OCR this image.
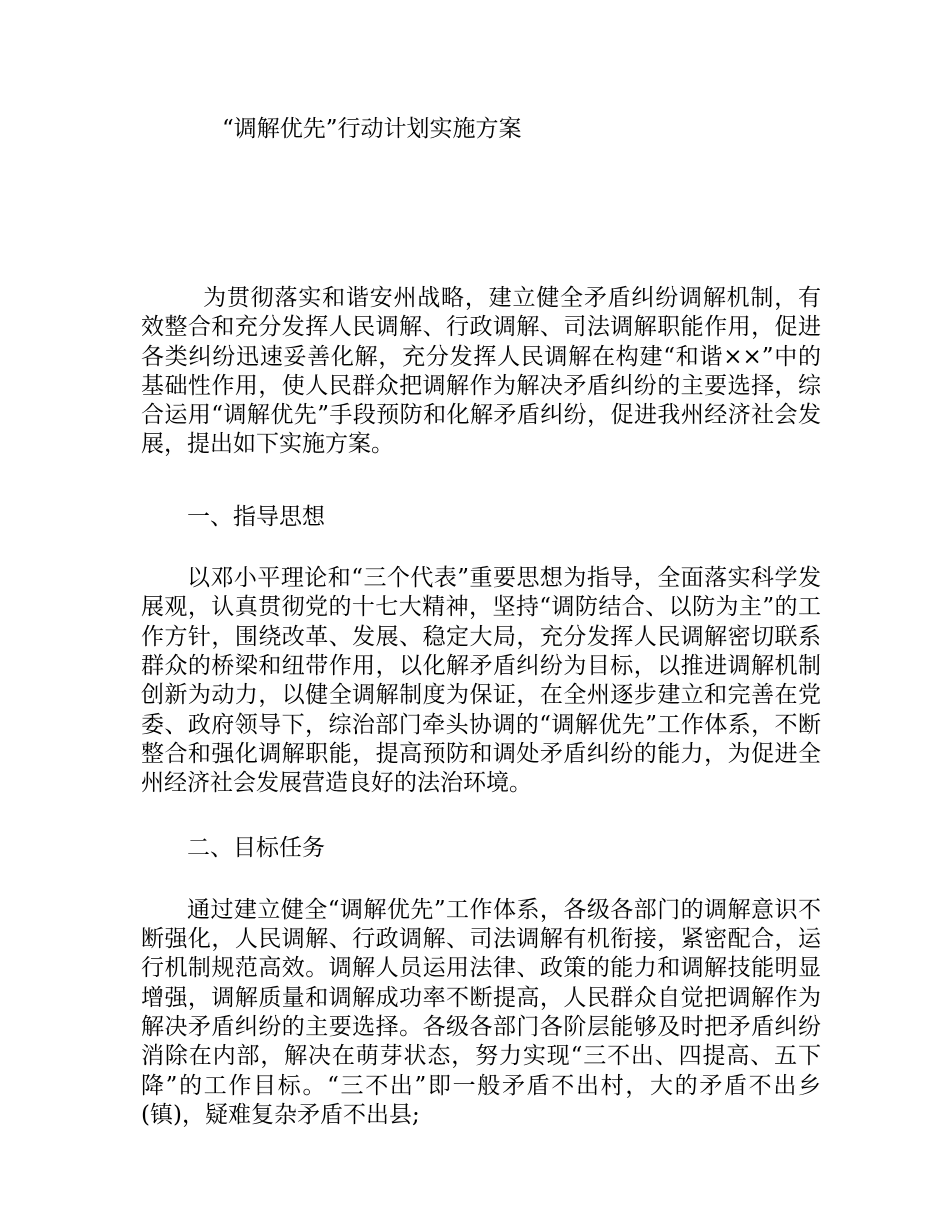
“调解优先”行动计划实施方案

为贯彻落实和谐安州战略，建立健全矛盾纠纷调解机制，有效整合和充分发挥人民调解、行政调解、司法调解职能作用，促进各类纠纷迅速妥善化解，充分发挥人民调解在构建“和谐××”中的基础性作用，使人民群众把调解作为解决矛盾纠纷的主要选择，综合运用“调解优先”手段预防和化解矛盾纠纷，促进我州经济社会发展，提出如下实施方案。

一、指导思想

以邓小平理论和“三个代表”重要思想为指导，全面落实科学发展观，认真贯彻党的十七大精神，坚持“调防结合、以防为主”的工作方针，围绕改革、发展、稳定大局，充分发挥人民调解密切联系群众的桥梁和纽带作用，以化解矛盾纠纷为目标，以推进调解机制创新为动力，以健全调解制度为保证，在全州逐步建立和完善在党委、政府领导下，综治部门牵头协调的“调解优先”工作体系，不断整合和强化调解职能，提高预防和调处矛盾纠纷的能力，为促进全州经济社会发展营造良好的法治环境。

二、目标任务

通过建立健全“调解优先”工作体系，各级各部门的调解意识不断强化，人民调解、行政调解、司法调解有机衔接，紧密配合，运行机制规范高效。调解人员运用法律、政策的能力和调解技能明显增强，调解质量和调解成功率不断提高，人民群众自觉把调解作为解决矛盾纠纷的主要选择。各级各部门各阶层能够及时把矛盾纠纷消除在内部，解决在萌芽状态，努力实现“三不出、四提高、五下降”的工作目标。“三不出”即一般矛盾不出村，大的矛盾不出乡(镇)，疑难复杂矛盾不出县;
